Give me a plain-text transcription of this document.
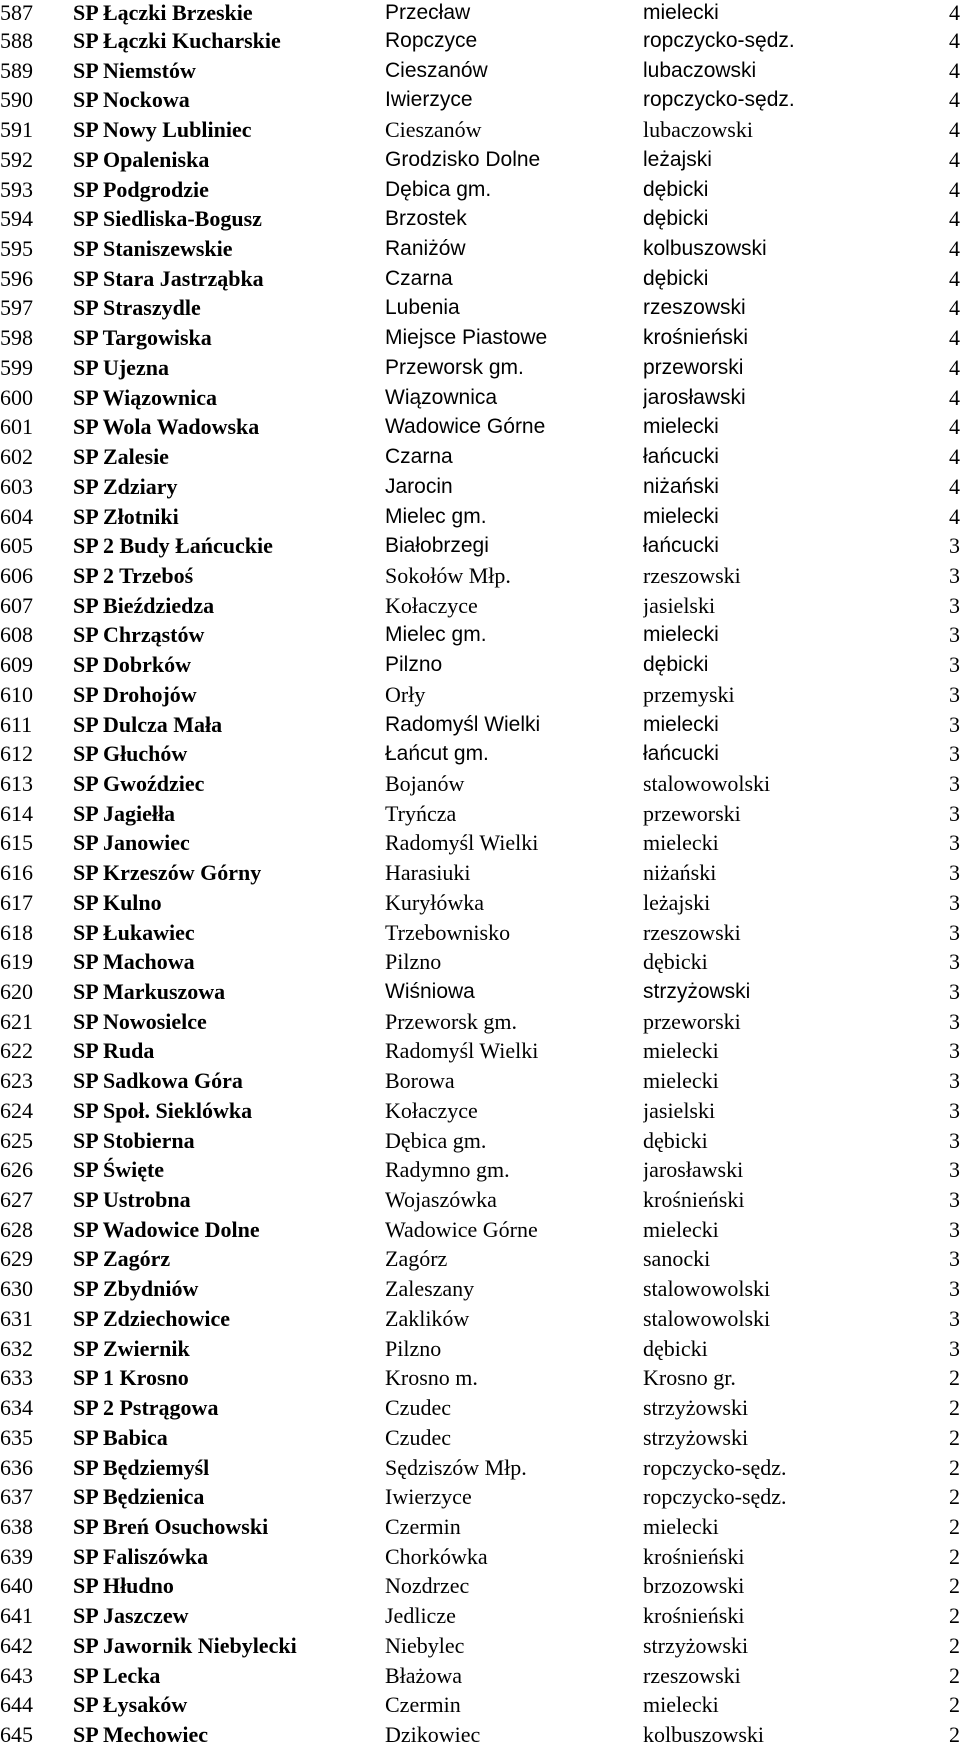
587	SP Łączki Brzeskie	Przecław	mielecki	4
588	SP Łączki Kucharskie	Ropczyce	ropczycko-sędz.	4
589	SP Niemstów	Cieszanów	lubaczowski	4
590	SP Nockowa	Iwierzyce	ropczycko-sędz.	4
591	SP Nowy Lubliniec	Cieszanów	lubaczowski	4
592	SP Opaleniska	Grodzisko Dolne	leżajski	4
593	SP Podgrodzie	Dębica gm.	dębicki	4
594	SP Siedliska-Bogusz	Brzostek	dębicki	4
595	SP Staniszewskie	Raniżów	kolbuszowski	4
596	SP Stara Jastrząbka	Czarna	dębicki	4
597	SP Straszydle	Lubenia	rzeszowski	4
598	SP Targowiska	Miejsce Piastowe	krośnieński	4
599	SP Ujezna	Przeworsk gm.	przeworski	4
600	SP Wiązownica	Wiązownica	jarosławski	4
601	SP Wola Wadowska	Wadowice Górne	mielecki	4
602	SP Zalesie	Czarna	łańcucki	4
603	SP Zdziary	Jarocin	niżański	4
604	SP Złotniki	Mielec gm.	mielecki	4
605	SP 2 Budy Łańcuckie	Białobrzegi	łańcucki	3
606	SP 2 Trzeboś	Sokołów Młp.	rzeszowski	3
607	SP Bieździedza	Kołaczyce	jasielski	3
608	SP Chrząstów	Mielec gm.	mielecki	3
609	SP Dobrków	Pilzno	dębicki	3
610	SP Drohojów	Orły	przemyski	3
611	SP Dulcza Mała	Radomyśl Wielki	mielecki	3
612	SP Głuchów	Łańcut gm.	łańcucki	3
613	SP Gwoździec	Bojanów	stalowowolski	3
614	SP Jagiełła	Tryńcza	przeworski	3
615	SP Janowiec	Radomyśl Wielki	mielecki	3
616	SP Krzeszów Górny	Harasiuki	niżański	3
617	SP Kulno	Kuryłówka	leżajski	3
618	SP Łukawiec	Trzebownisko	rzeszowski	3
619	SP Machowa	Pilzno	dębicki	3
620	SP Markuszowa	Wiśniowa	strzyżowski	3
621	SP Nowosielce	Przeworsk gm.	przeworski	3
622	SP Ruda	Radomyśl Wielki	mielecki	3
623	SP Sadkowa Góra	Borowa	mielecki	3
624	SP Społ. Sieklówka	Kołaczyce	jasielski	3
625	SP Stobierna	Dębica gm.	dębicki	3
626	SP Święte	Radymno gm.	jarosławski	3
627	SP Ustrobna	Wojaszówka	krośnieński	3
628	SP Wadowice Dolne	Wadowice Górne	mielecki	3
629	SP Zagórz	Zagórz	sanocki	3
630	SP Zbydniów	Zaleszany	stalowowolski	3
631	SP Zdziechowice	Zaklików	stalowowolski	3
632	SP Zwiernik	Pilzno	dębicki	3
633	SP 1 Krosno	Krosno m.	Krosno gr.	2
634	SP 2 Pstrągowa	Czudec	strzyżowski	2
635	SP Babica	Czudec	strzyżowski	2
636	SP Będziemyśl	Sędziszów Młp.	ropczycko-sędz.	2
637	SP Będzienica	Iwierzyce	ropczycko-sędz.	2
638	SP Breń Osuchowski	Czermin	mielecki	2
639	SP Faliszówka	Chorkówka	krośnieński	2
640	SP Hłudno	Nozdrzec	brzozowski	2
641	SP Jaszczew	Jedlicze	krośnieński	2
642	SP Jawornik Niebylecki	Niebylec	strzyżowski	2
643	SP Lecka	Błażowa	rzeszowski	2
644	SP Łysaków	Czermin	mielecki	2
645	SP Mechowiec	Dzikowiec	kolbuszowski	2
